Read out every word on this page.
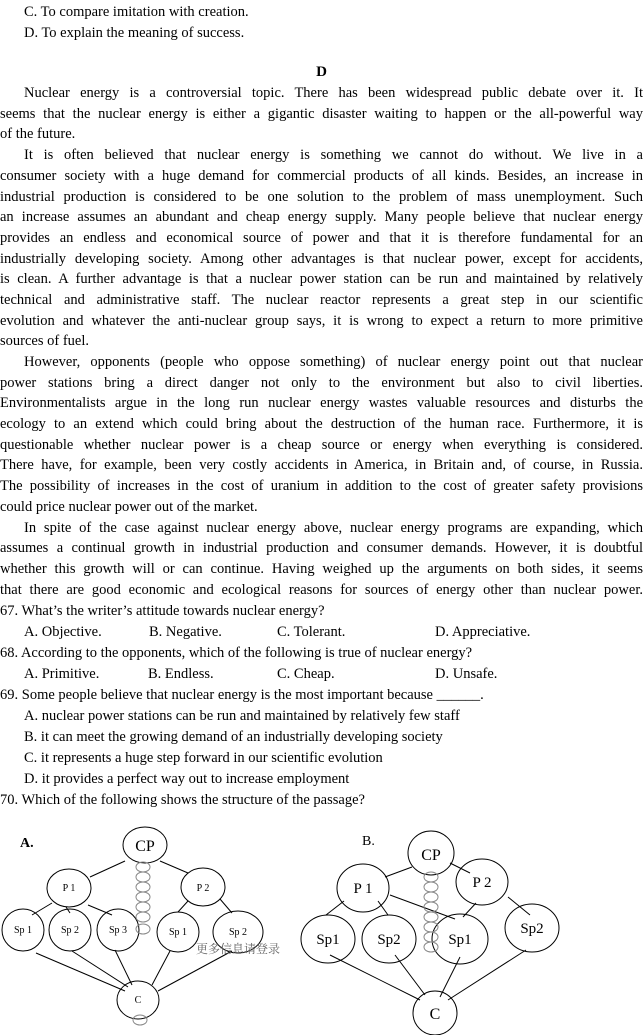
C. To compare imitation with creation.
D. To explain the meaning of success.
D
Nuclear energy is a controversial topic. There has been widespread public debate over it. It
seems that the nuclear energy is either a gigantic disaster waiting to happen or the all-powerful way
of the future.
It is often believed that nuclear energy is something we cannot do without. We live in a
consumer society with a huge demand for commercial products of all kinds. Besides, an increase in
industrial production is considered to be one solution to the problem of mass unemployment. Such
an increase assumes an abundant and cheap energy supply. Many people believe that nuclear energy
provides an endless and economical source of power and that it is therefore fundamental for an
industrially developing society. Among other advantages is that nuclear power, except for accidents,
is clean. A further advantage is that a nuclear power station can be run and maintained by relatively
technical and administrative staff. The nuclear reactor represents a great step in our scientific
evolution and whatever the anti-nuclear group says, it is wrong to expect a return to more primitive
sources of fuel.
However, opponents (people who oppose something) of nuclear energy point out that nuclear
power stations bring a direct danger not only to the environment but also to civil liberties.
Environmentalists argue in the long run nuclear energy wastes valuable resources and disturbs the
ecology to an extend which could bring about the destruction of the human race. Furthermore, it is
questionable whether nuclear power is a cheap source or energy when everything is considered.
There have, for example, been very costly accidents in America, in Britain and, of course, in Russia.
The possibility of increases in the cost of uranium in addition to the cost of greater safety provisions
could price nuclear power out of the market.
In spite of the case against nuclear energy above, nuclear energy programs are expanding, which
assumes a continual growth in industrial production and consumer demands. However, it is doubtful
whether this growth will or can continue. Having weighed up the arguments on both sides, it seems
that there are good economic and ecological reasons for sources of energy other than nuclear power.
67. What’s the writer’s attitude towards nuclear energy?
A. Objective.	B. Negative.	C. Tolerant.	D. Appreciative.
68. According to the opponents, which of the following is true of nuclear energy?
A. Primitive.	B. Endless.	C. Cheap.	D. Unsafe.
69. Some people believe that nuclear energy is the most important because ______.
A. nuclear power stations can be run and maintained by relatively few staff
B. it can meet the growing demand of an industrially developing society
C. it represents a huge step forward in our scientific evolution
D. it provides a perfect way out to increase employment
70. Which of the following shows the structure of the passage?
A.	CP
P 1	P 2
Sp 1	Sp 2	Sp 3	Sp 1	Sp 2
C
B.
CP
P 1	P 2
Sp1	Sp2	Sp1
Sp2
C
更多信息请登录
